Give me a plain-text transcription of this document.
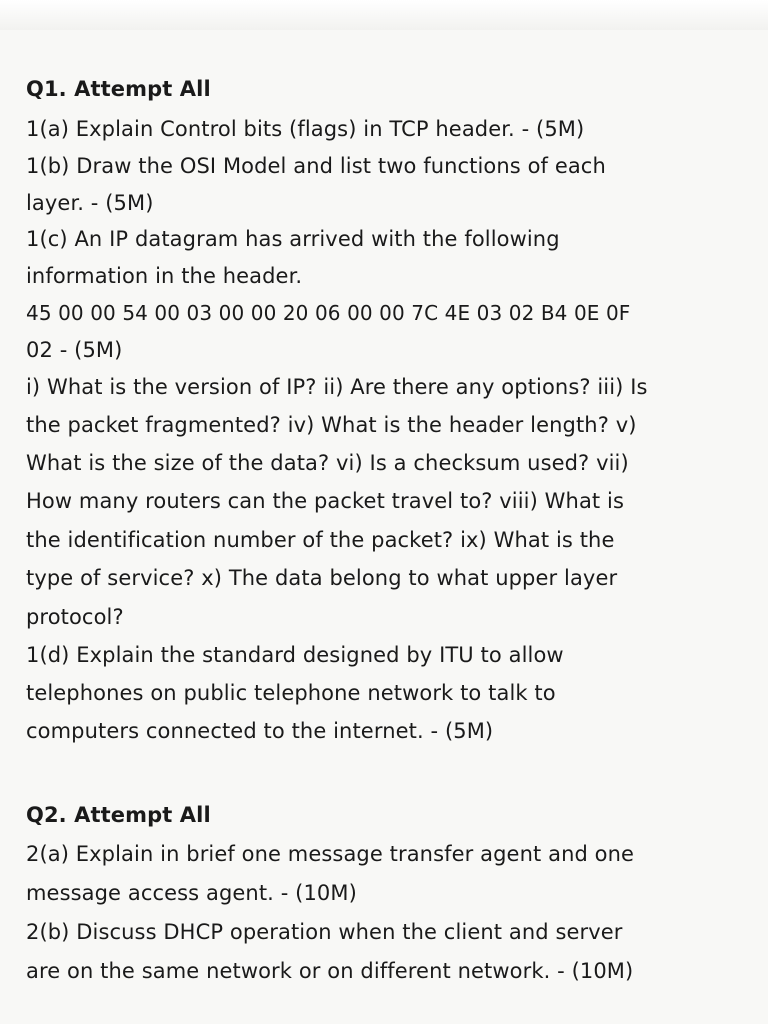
Q1. Attempt All
1(a) Explain Control bits (flags) in TCP header. - (5M)
1(b) Draw the OSI Model and list two functions of each
layer. - (5M)
1(c) An IP datagram has arrived with the following
information in the header.
45 00 00 54 00 03 00 00 20 06 00 00 7C 4E 03 02 B4 0E 0F
02 - (5M)
i) What is the version of IP? ii) Are there any options? iii) Is
the packet fragmented? iv) What is the header length? v)
What is the size of the data? vi) Is a checksum used? vii)
How many routers can the packet travel to? viii) What is
the identification number of the packet? ix) What is the
type of service? x) The data belong to what upper layer
protocol?
1(d) Explain the standard designed by ITU to allow
telephones on public telephone network to talk to
computers connected to the internet. - (5M)
Q2. Attempt All
2(a) Explain in brief one message transfer agent and one
message access agent. - (10M)
2(b) Discuss DHCP operation when the client and server
are on the same network or on different network. - (10M)
